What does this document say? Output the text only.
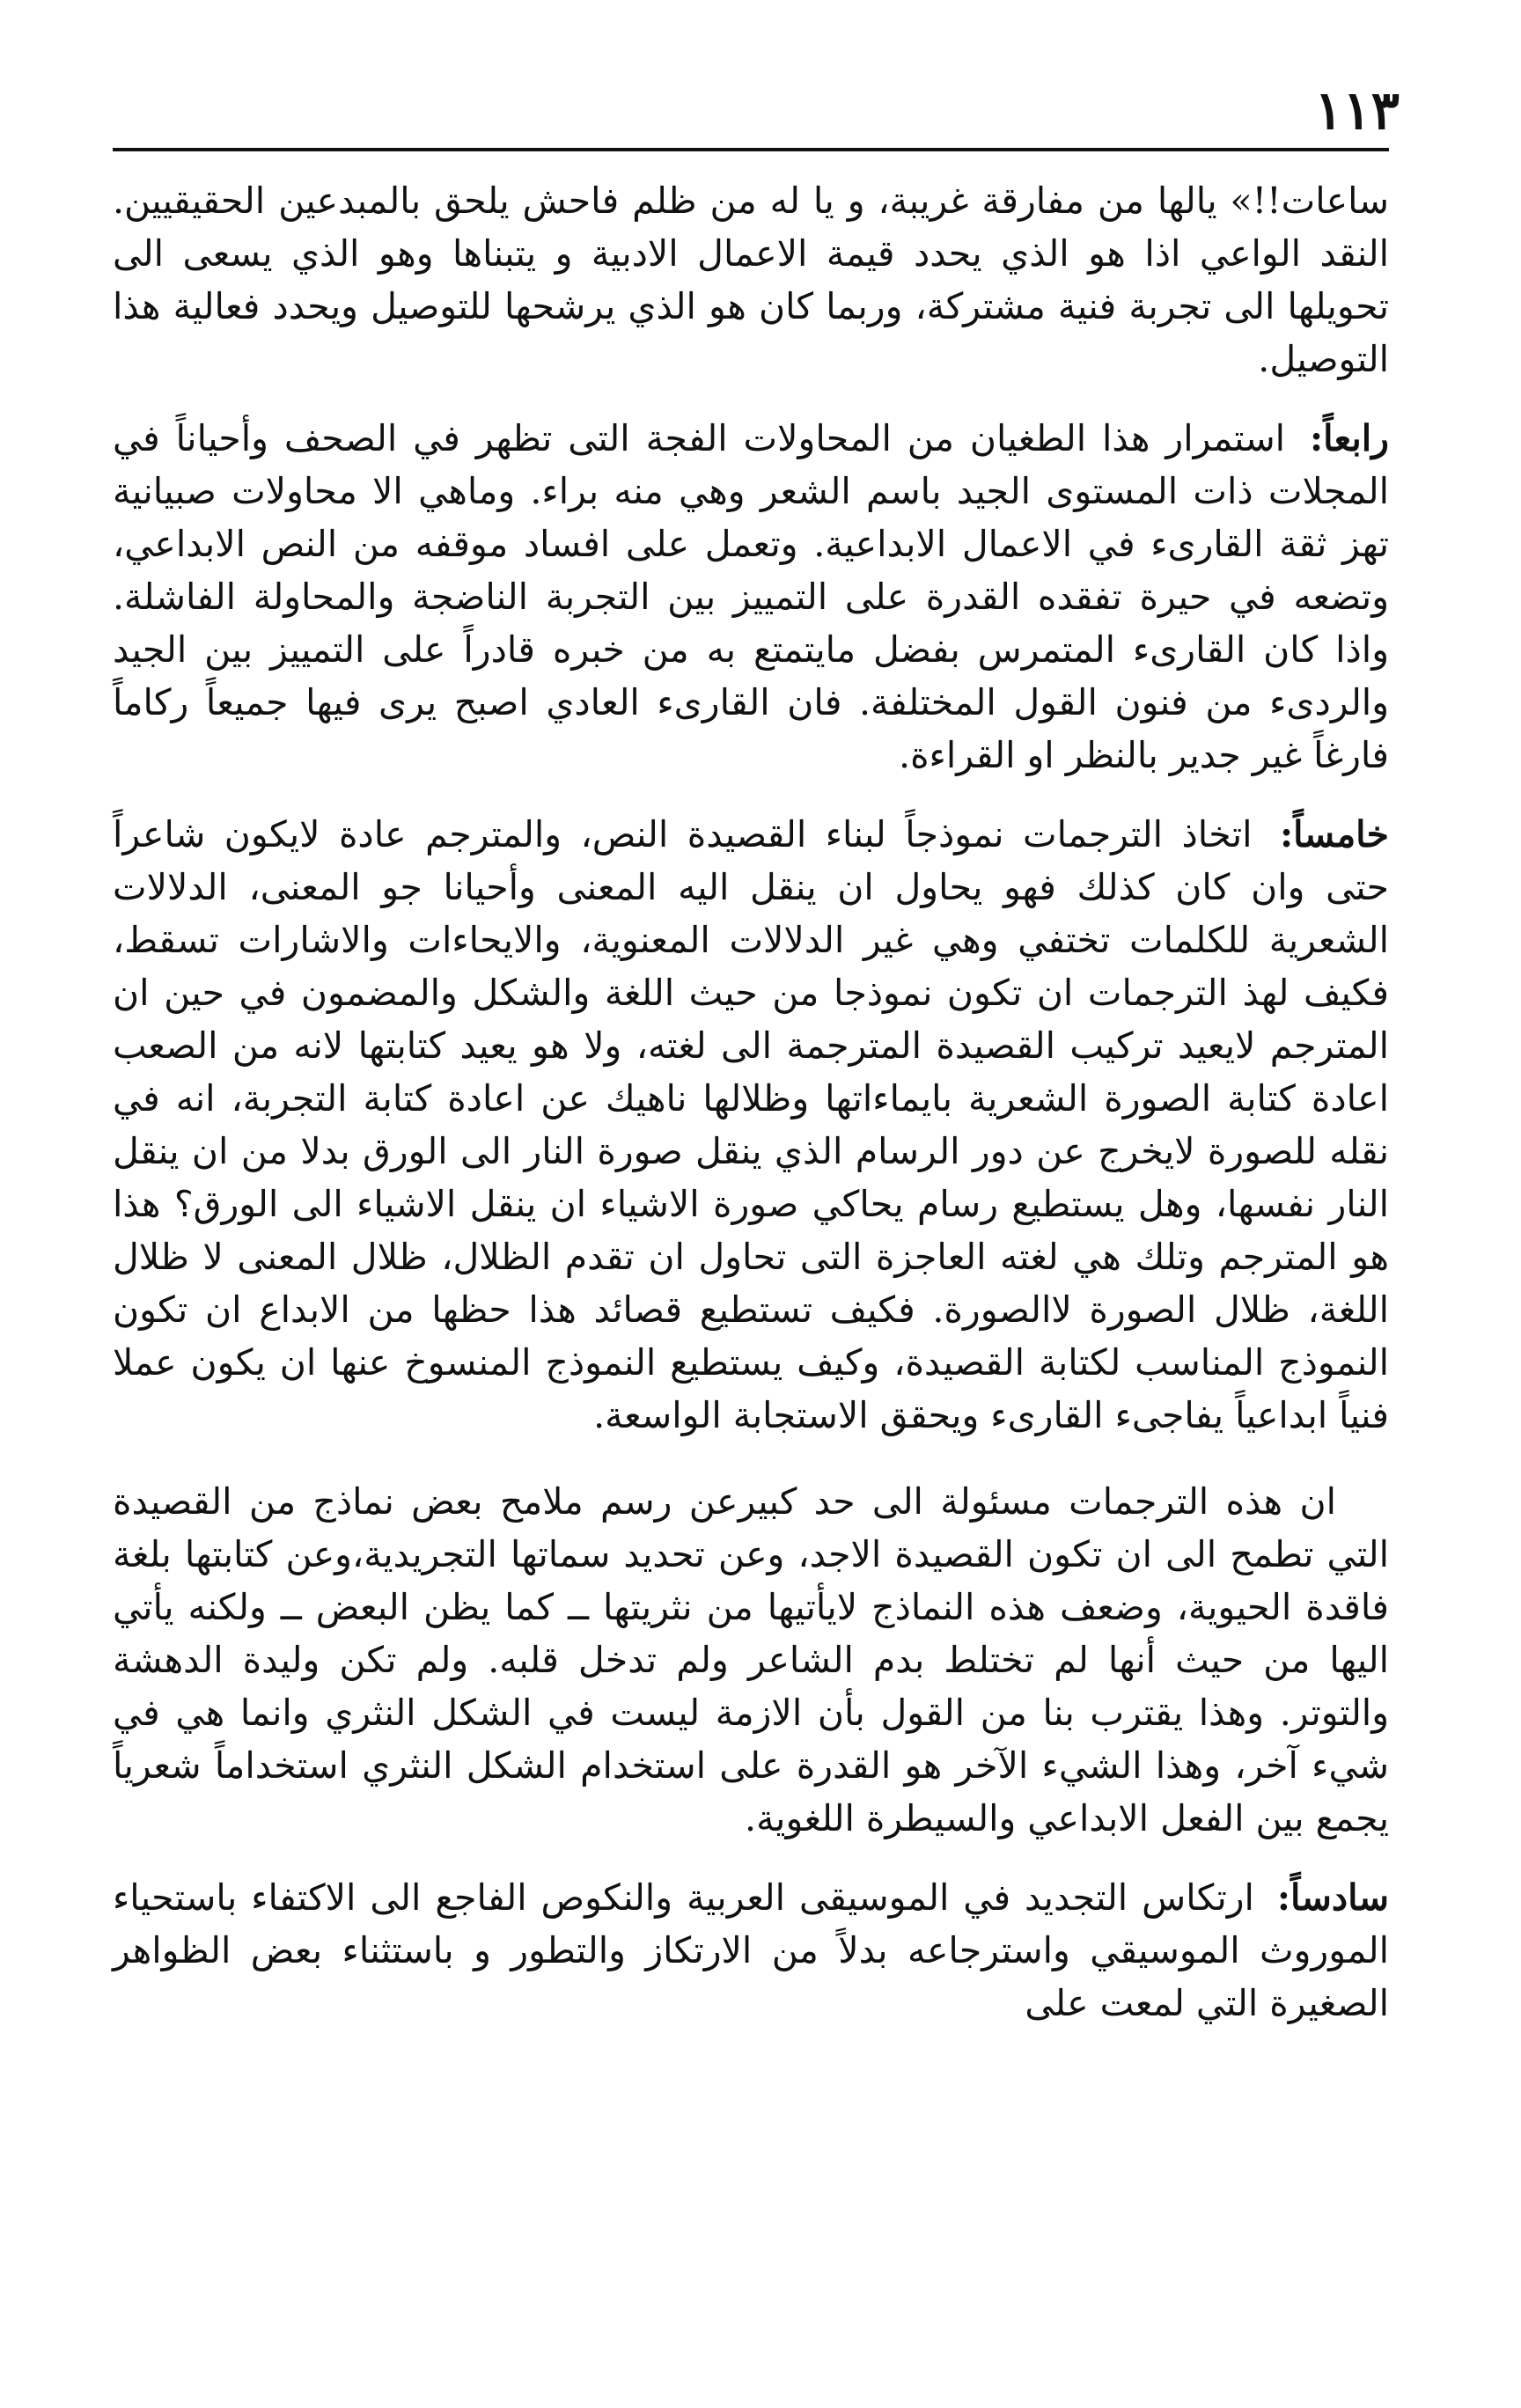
١١٣

ساعات!!» يالها من مفارقة غريبة، و يا له من ظلم فاحش يلحق بالمبدعين الحقيقيين. النقد الواعي اذا هو الذي يحدد قيمة الاعمال الادبية و يتبناها وهو الذي يسعى الى تحويلها الى تجربة فنية مشتركة، وربما كان هو الذي يرشحها للتوصيل ويحدد فعالية هذا التوصيل.

رابعاً: استمرار هذا الطغيان من المحاولات الفجة التى تظهر في الصحف وأحياناً في المجلات ذات المستوى الجيد باسم الشعر وهي منه براء. وماهي الا محاولات صبيانية تهز ثقة القارىء في الاعمال الابداعية. وتعمل على افساد موقفه من النص الابداعي، وتضعه في حيرة تفقده القدرة على التمييز بين التجربة الناضجة والمحاولة الفاشلة. واذا كان القارىء المتمرس بفضل مايتمتع به من خبره قادراً على التمييز بين الجيد والردىء من فنون القول المختلفة. فان القارىء العادي اصبح يرى فيها جميعاً ركاماً فارغاً غير جدير بالنظر او القراءة.

خامساً: اتخاذ الترجمات نموذجاً لبناء القصيدة النص، والمترجم عادة لايكون شاعراً حتى وان كان كذلك فهو يحاول ان ينقل اليه المعنى وأحيانا جو المعنى، الدلالات الشعرية للكلمات تختفي وهي غير الدلالات المعنوية، والايحاءات والاشارات تسقط، فكيف لهذ الترجمات ان تكون نموذجا من حيث اللغة والشكل والمضمون في حين ان المترجم لايعيد تركيب القصيدة المترجمة الى لغته، ولا هو يعيد كتابتها لانه من الصعب اعادة كتابة الصورة الشعرية بايماءاتها وظلالها ناهيك عن اعادة كتابة التجربة، انه في نقله للصورة لايخرج عن دور الرسام الذي ينقل صورة النار الى الورق بدلا من ان ينقل النار نفسها، وهل يستطيع رسام يحاكي صورة الاشياء ان ينقل الاشياء الى الورق؟ هذا هو المترجم وتلك هي لغته العاجزة التى تحاول ان تقدم الظلال، ظلال المعنى لا ظلال اللغة، ظلال الصورة لاالصورة. فكيف تستطيع قصائد هذا حظها من الابداع ان تكون النموذج المناسب لكتابة القصيدة، وكيف يستطيع النموذج المنسوخ عنها ان يكون عملا فنياً ابداعياً يفاجىء القارىء ويحقق الاستجابة الواسعة.

ان هذه الترجمات مسئولة الى حد كبيرعن رسم ملامح بعض نماذج من القصيدة التي تطمح الى ان تكون القصيدة الاجد، وعن تحديد سماتها التجريدية،وعن كتابتها بلغة فاقدة الحيوية، وضعف هذه النماذج لايأتيها من نثريتها ــ كما يظن البعض ــ ولكنه يأتي اليها من حيث أنها لم تختلط بدم الشاعر ولم تدخل قلبه. ولم تكن وليدة الدهشة والتوتر. وهذا يقترب بنا من القول بأن الازمة ليست في الشكل النثري وانما هي في شيء آخر، وهذا الشيء الآخر هو القدرة على استخدام الشكل النثري استخداماً شعرياً يجمع بين الفعل الابداعي والسيطرة اللغوية.

سادساً: ارتكاس التجديد في الموسيقى العربية والنكوص الفاجع الى الاكتفاء باستحياء الموروث الموسيقي واسترجاعه بدلاً من الارتكاز والتطور و باستثناء بعض الظواهر الصغيرة التي لمعت على
